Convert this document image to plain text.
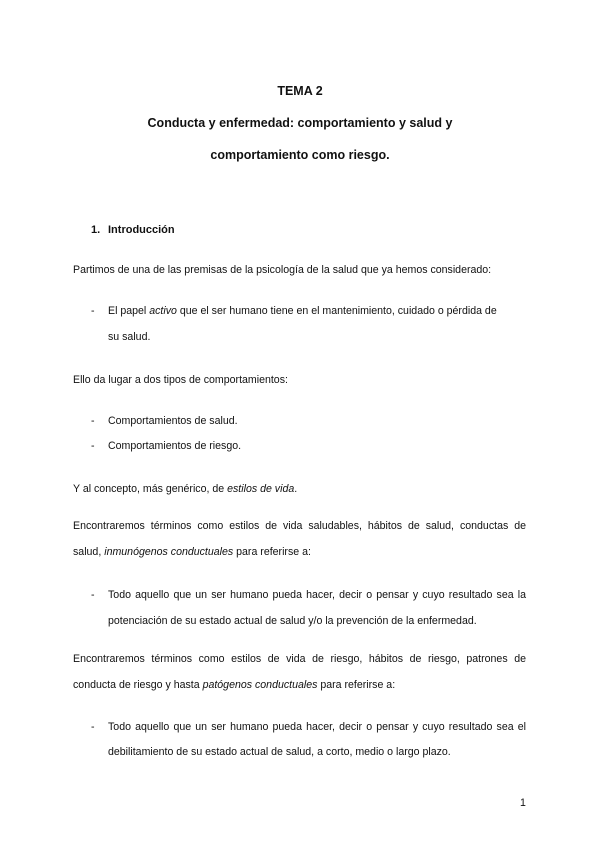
TEMA 2
Conducta y enfermedad: comportamiento y salud y
comportamiento como riesgo.
1. Introducción
Partimos de una de las premisas de la psicología de la salud que ya hemos considerado:
- El papel activo que el ser humano tiene en el mantenimiento, cuidado o pérdida de
su salud.
Ello da lugar a dos tipos de comportamientos:
- Comportamientos de salud.
- Comportamientos de riesgo.
Y al concepto, más genérico, de estilos de vida.
Encontraremos términos como estilos de vida saludables, hábitos de salud, conductas de
salud, inmunógenos conductuales para referirse a:
- Todo aquello que un ser humano pueda hacer, decir o pensar y cuyo resultado sea la
potenciación de su estado actual de salud y/o la prevención de la enfermedad.
Encontraremos términos como estilos de vida de riesgo, hábitos de riesgo, patrones de
conducta de riesgo y hasta patógenos conductuales para referirse a:
- Todo aquello que un ser humano pueda hacer, decir o pensar y cuyo resultado sea el
debilitamiento de su estado actual de salud, a corto, medio o largo plazo.
1
